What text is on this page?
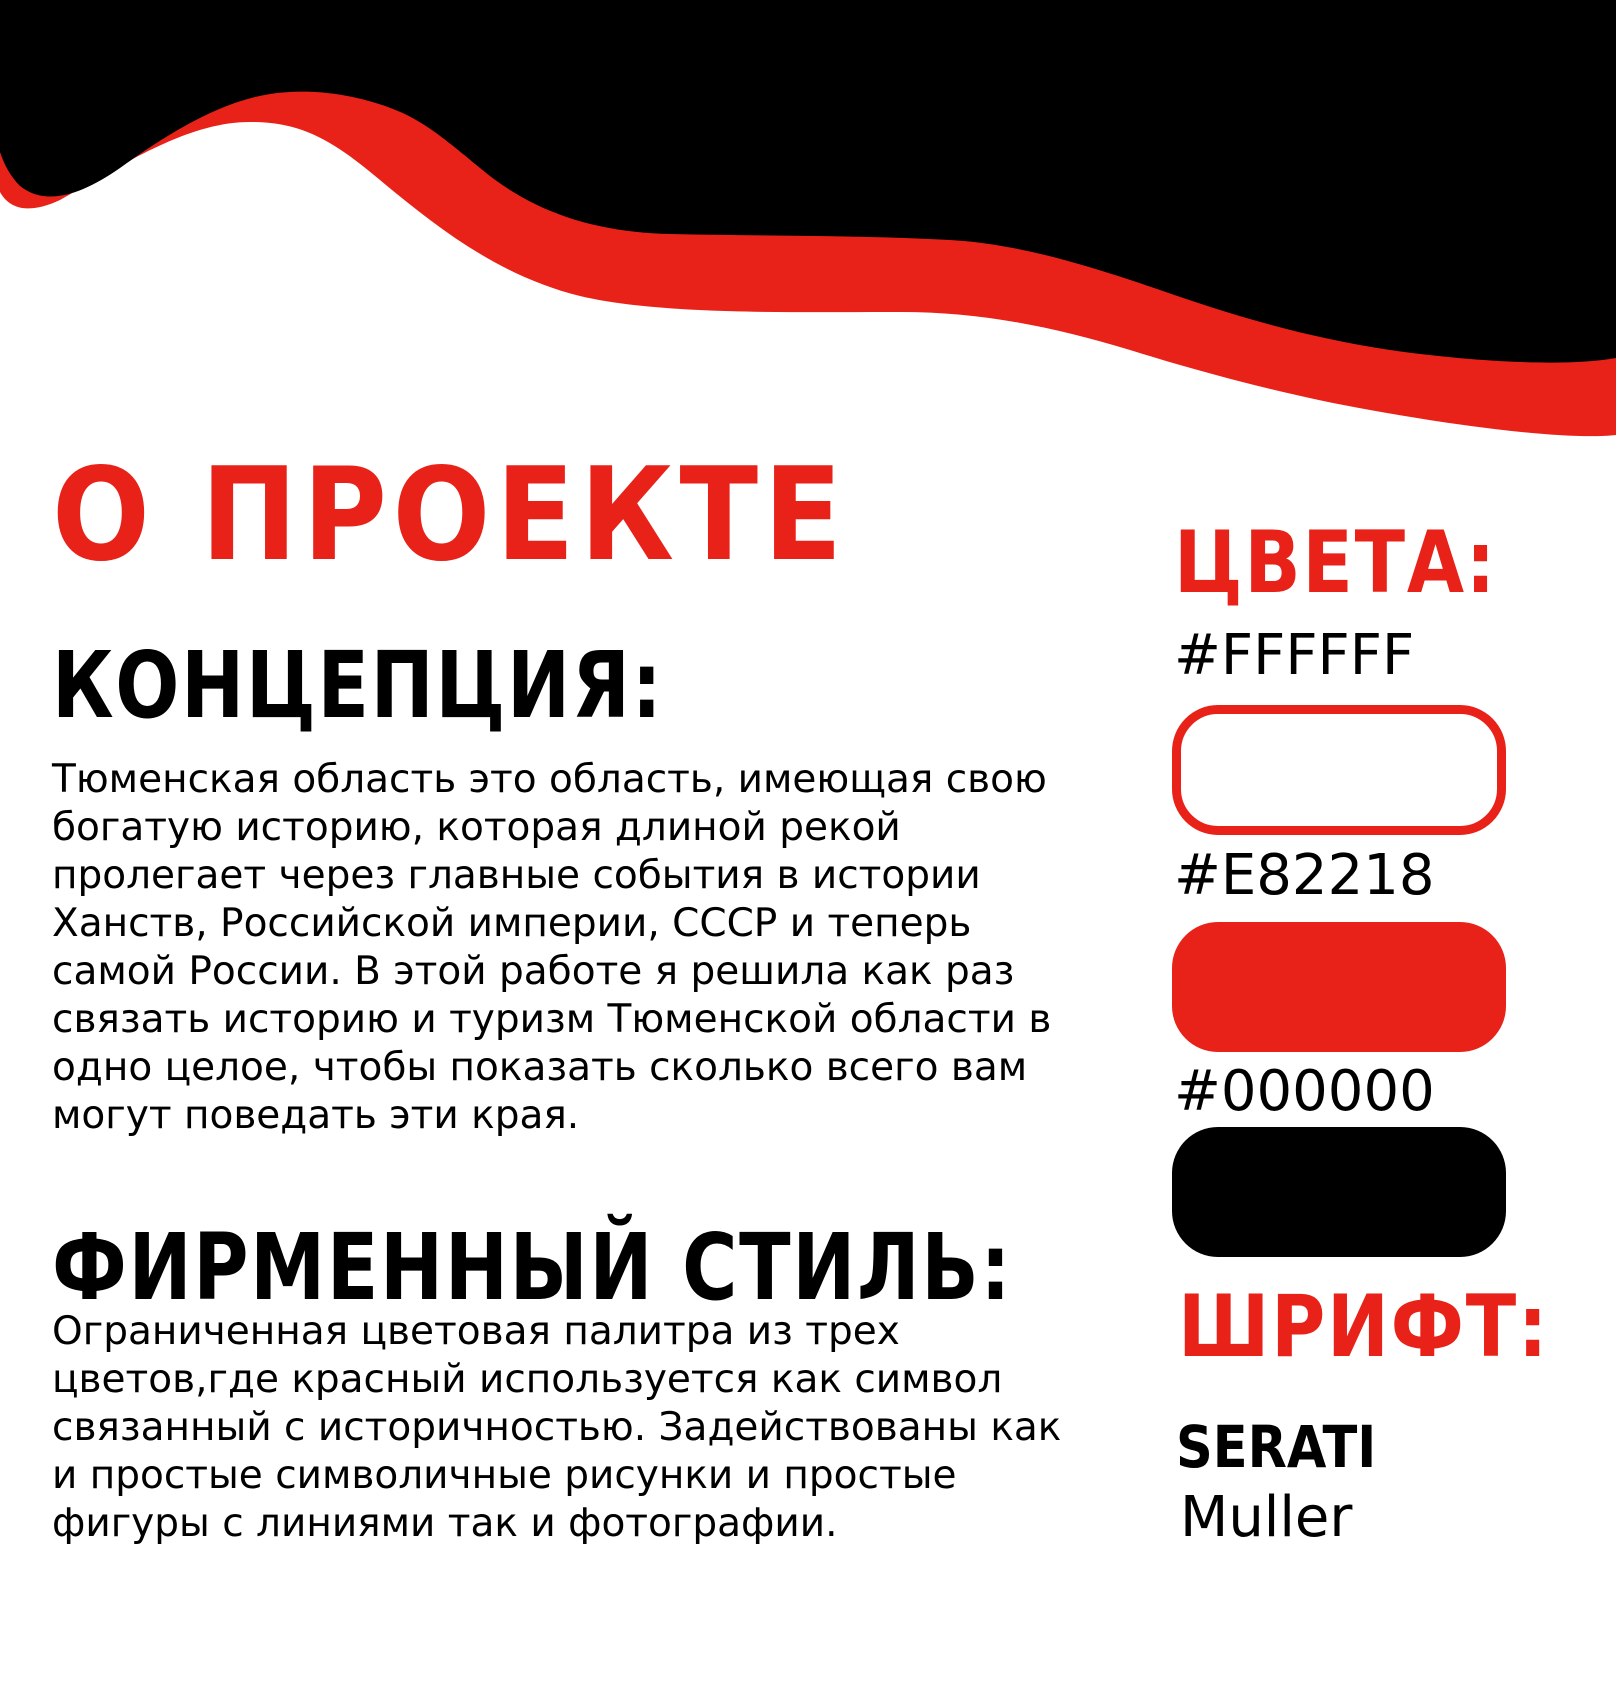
О ПРОЕКТЕ
КОНЦЕПЦИЯ:

Тюменская область это область, имеющая свою богатую историю, которая длиной рекой пролегает через главные события в истории Ханств, Российской империи, СССР и теперь самой России. В этой работе я решила как раз связать историю и туризм Тюменской области в одно целое, чтобы показать сколько всего вам могут поведать эти края.

ФИРМЕННЫЙ СТИЛЬ:

Ограниченная цветовая палитра из трех цветов,где красный используется как символ связанный с историчностью. Задействованы как и простые символичные рисунки и простые фигуры с линиями так и фотографии.

ЦВЕТА:
#FFFFFF
#E82218
#000000
ШРИФТ:
SERATI
Muller
